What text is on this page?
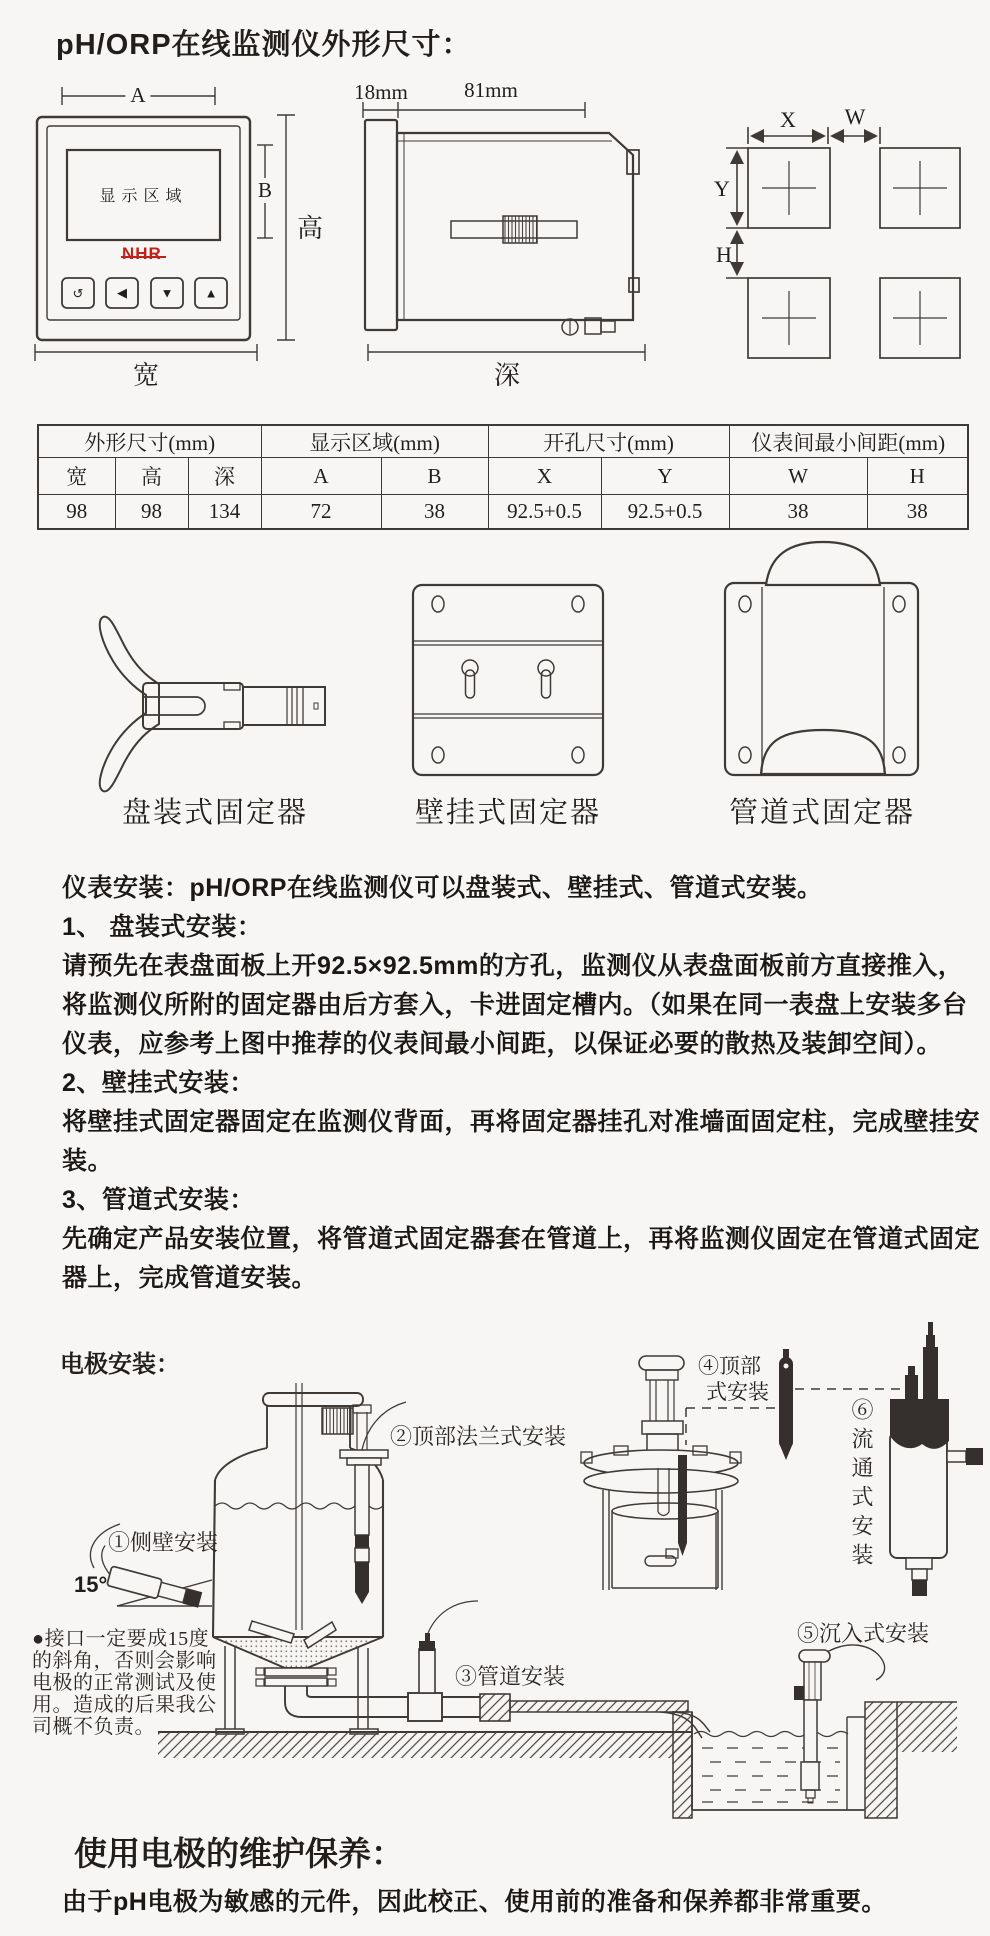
pH/ORP在线监测仪外形尺寸：
A
B
高
宽	深
显示区域
NHR
↺	◀	▼ ▲
18mm	81mm
X W
Y
H
外形尺寸(mm)			显示区域(mm)		开孔尺寸(mm)		仪表间最小间距(mm)	
宽	高	深	A	B	X	Y	W	H
98	98	134	72	38	92.5+0.5	92.5+0.5	38	38
盘装式固定器	壁挂式固定器	管道式固定器
仪表安装：pH/ORP在线监测仪可以盘装式、壁挂式、管道式安装。
1、 盘装式安装：
请预先在表盘面板上开92.5×92.5mm的方孔，监测仪从表盘面板前方直接推入，
将监测仪所附的固定器由后方套入，卡进固定槽内。（如果在同一表盘上安装多台
仪表，应参考上图中推荐的仪表间最小间距，以保证必要的散热及装卸空间）。
2、壁挂式安装：
将壁挂式固定器固定在监测仪背面，再将固定器挂孔对准墙面固定柱，完成壁挂安
装。
3、管道式安装：
先确定产品安装位置，将管道式固定器套在管道上，再将监测仪固定在管道式固定
器上，完成管道安装。
电极安装：
①侧壁安装
②顶部法兰式安装
③管道安装
④顶部
式安装
⑤沉入式安装
⑥流通式安装
15°
●接口一定要成15度
的斜角，否则会影响
电极的正常测试及使
用。造成的后果我公
司概不负责。
使用电极的维护保养：
由于pH电极为敏感的元件，因此校正、使用前的准备和保养都非常重要。
